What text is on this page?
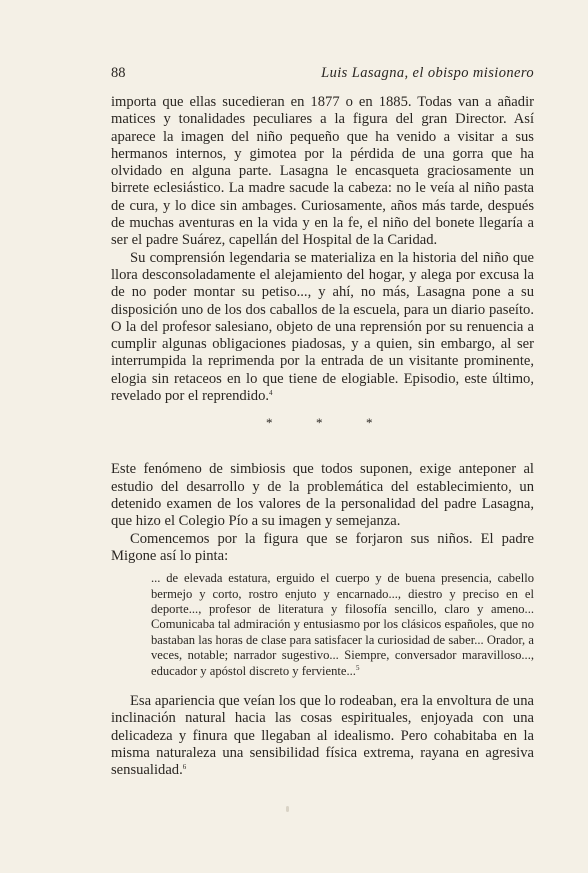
88	Luis Lasagna, el obispo misionero

importa que ellas sucedieran en 1877 o en 1885. Todas van a añadir matices y tonalidades peculiares a la figura del gran Director. Así aparece la imagen del niño pequeño que ha venido a visitar a sus hermanos internos, y gimotea por la pérdida de una gorra que ha olvidado en alguna parte. Lasagna le encasqueta graciosamente un birrete eclesiástico. La madre sacude la cabeza: no le veía al niño pasta de cura, y lo dice sin ambages. Curiosamente, años más tarde, después de muchas aventuras en la vida y en la fe, el niño del bonete llegaría a ser el padre Suárez, capellán del Hospital de la Caridad.

Su comprensión legendaria se materializa en la historia del niño que llora desconsoladamente el alejamiento del hogar, y alega por excusa la de no poder montar su petiso..., y ahí, no más, Lasagna pone a su disposición uno de los dos caballos de la escuela, para un diario paseíto. O la del profesor salesiano, objeto de una reprensión por su renuencia a cumplir algunas obligaciones piadosas, y a quien, sin embargo, al ser interrumpida la reprimenda por la entrada de un visitante prominente, elogia sin retaceos en lo que tiene de elogiable. Episodio, este último, revelado por el reprendido.$^4$

*	*	*

Este fenómeno de simbiosis que todos suponen, exige anteponer al estudio del desarrollo y de la problemática del establecimiento, un detenido examen de los valores de la personalidad del padre Lasagna, que hizo el Colegio Pío a su imagen y semejanza.

Comencemos por la figura que se forjaron sus niños. El padre Migone así lo pinta:

... de elevada estatura, erguido el cuerpo y de buena presencia, cabello bermejo y corto, rostro enjuto y encarnado..., diestro y preciso en el deporte..., profesor de literatura y filosofía sencillo, claro y ameno... Comunicaba tal admiración y entusiasmo por los clásicos españoles, que no bastaban las horas de clase para satisfacer la curiosidad de saber... Orador, a veces, notable; narrador sugestivo... Siempre, conversador maravilloso..., educador y apóstol discreto y ferviente...$^5$

Esa apariencia que veían los que lo rodeaban, era la envoltura de una inclinación natural hacia las cosas espirituales, enjoyada con una delicadeza y finura que llegaban al idealismo. Pero cohabitaba en la misma naturaleza una sensibilidad física extrema, rayana en agresiva sensualidad.$^6$
